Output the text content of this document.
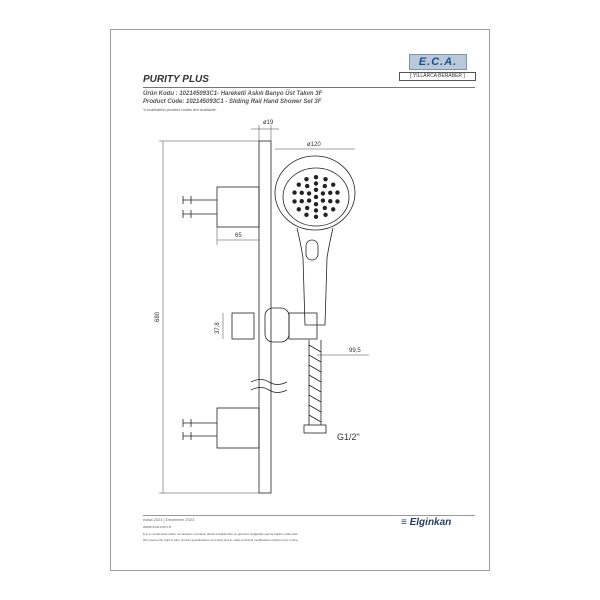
E.C.A.
[ YILLARCA BERABER ]
PURITY PLUS
Ürün Kodu : 102145093C1- Hareketli Askılı Banyo Üst Takım 3F
Product Code: 102145093C1 - Sliding Rail Hand Shower Set 3F
*Localisation product codes are available.
ø19
ø120
65
680
37,8
99,5
G1/2"
ecaia 2024 | December 2023
www.eca.com.tr
E.C.A. ürünlerinde haber vermeksizin, ürünlerin teknik özelliklerinde ve görünüm değişikliği yapma hakkını saklı tutar.
We reserve the right to alter product specifications and sizes and to make technical modifications without prior notice.
≡ Elginkan
